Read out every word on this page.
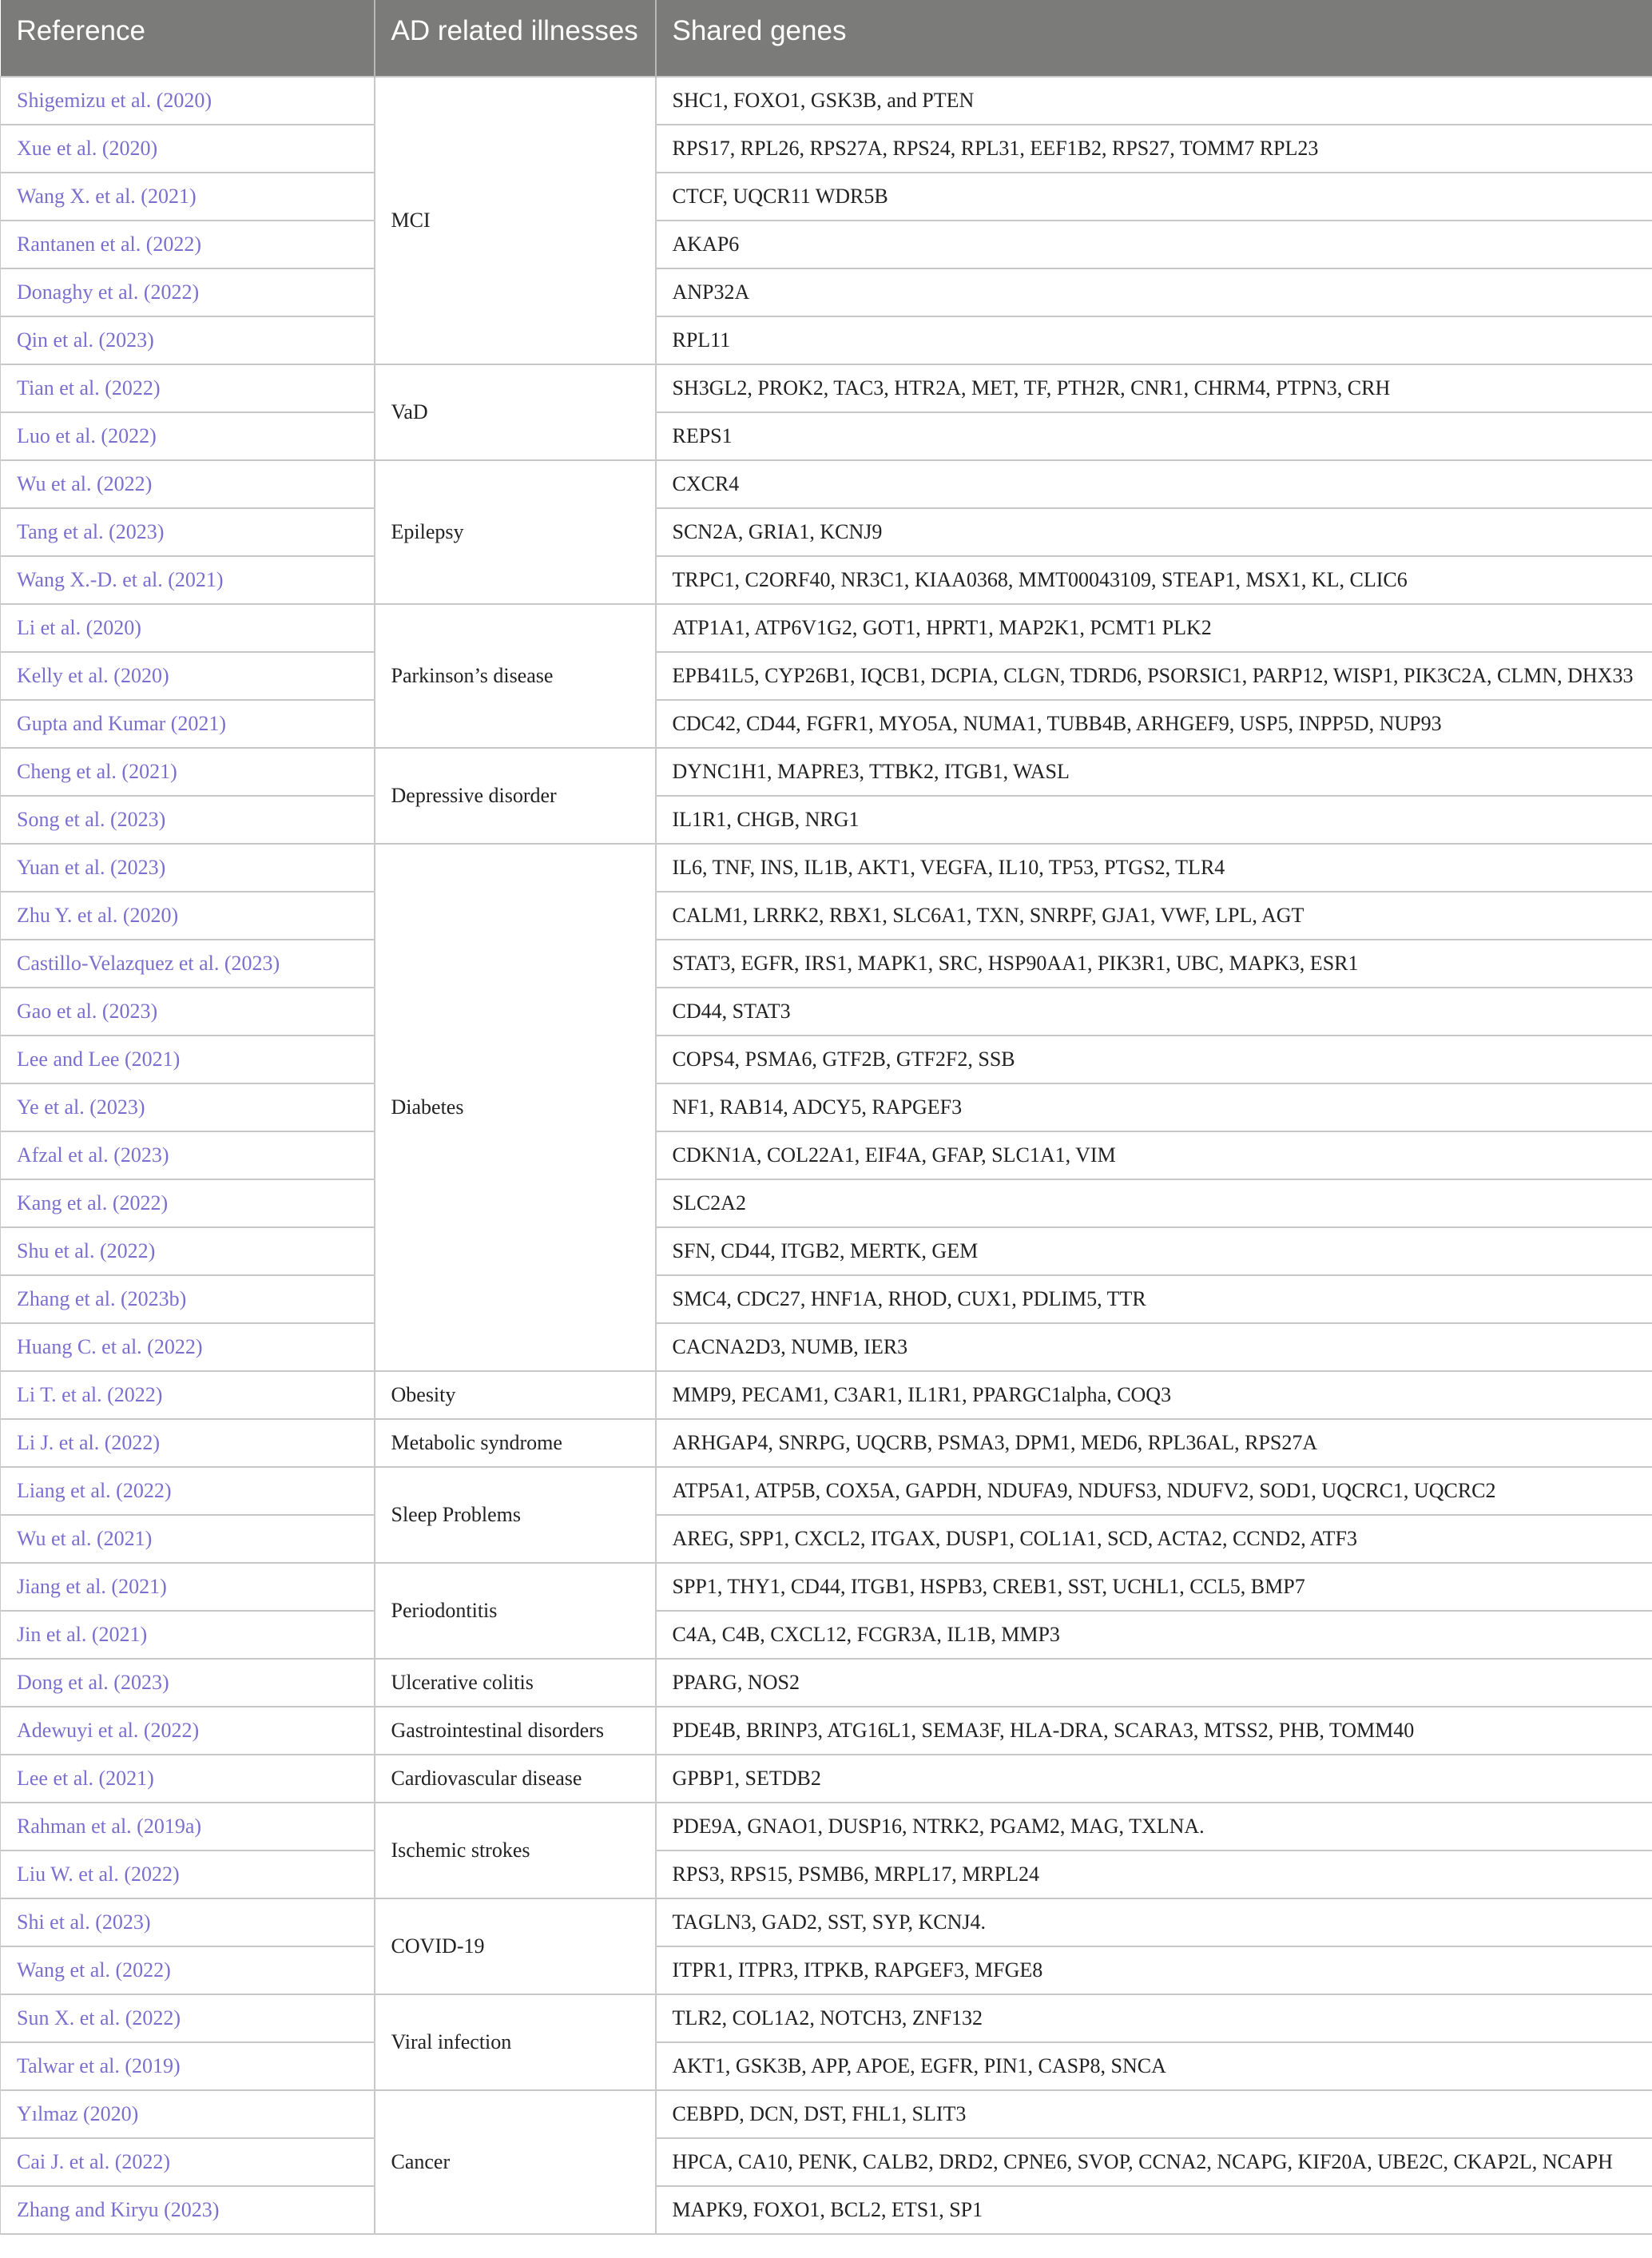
Reference	AD related illnesses	Shared genes
Shigemizu et al. (2020)	MCI	SHC1, FOXO1, GSK3B, and PTEN
Xue et al. (2020)		RPS17, RPL26, RPS27A, RPS24, RPL31, EEF1B2, RPS27, TOMM7 RPL23
Wang X. et al. (2021)		CTCF, UQCR11 WDR5B
Rantanen et al. (2022)		AKAP6
Donaghy et al. (2022)		ANP32A
Qin et al. (2023)		RPL11
Tian et al. (2022)	VaD	SH3GL2, PROK2, TAC3, HTR2A, MET, TF, PTH2R, CNR1, CHRM4, PTPN3, CRH
Luo et al. (2022)		REPS1
Wu et al. (2022)	Epilepsy	CXCR4
Tang et al. (2023)		SCN2A, GRIA1, KCNJ9
Wang X.-D. et al. (2021)		TRPC1, C2ORF40, NR3C1, KIAA0368, MMT00043109, STEAP1, MSX1, KL, CLIC6
Li et al. (2020)	Parkinson’s disease	ATP1A1, ATP6V1G2, GOT1, HPRT1, MAP2K1, PCMT1 PLK2
Kelly et al. (2020)		EPB41L5, CYP26B1, IQCB1, DCPIA, CLGN, TDRD6, PSORSIC1, PARP12, WISP1, PIK3C2A, CLMN, DHX33
Gupta and Kumar (2021)		CDC42, CD44, FGFR1, MYO5A, NUMA1, TUBB4B, ARHGEF9, USP5, INPP5D, NUP93
Cheng et al. (2021)	Depressive disorder	DYNC1H1, MAPRE3, TTBK2, ITGB1, WASL
Song et al. (2023)		IL1R1, CHGB, NRG1
Yuan et al. (2023)	Diabetes	IL6, TNF, INS, IL1B, AKT1, VEGFA, IL10, TP53, PTGS2, TLR4
Zhu Y. et al. (2020)		CALM1, LRRK2, RBX1, SLC6A1, TXN, SNRPF, GJA1, VWF, LPL, AGT
Castillo-Velazquez et al. (2023)		STAT3, EGFR, IRS1, MAPK1, SRC, HSP90AA1, PIK3R1, UBC, MAPK3, ESR1
Gao et al. (2023)		CD44, STAT3
Lee and Lee (2021)		COPS4, PSMA6, GTF2B, GTF2F2, SSB
Ye et al. (2023)		NF1, RAB14, ADCY5, RAPGEF3
Afzal et al. (2023)		CDKN1A, COL22A1, EIF4A, GFAP, SLC1A1, VIM
Kang et al. (2022)		SLC2A2
Shu et al. (2022)		SFN, CD44, ITGB2, MERTK, GEM
Zhang et al. (2023b)		SMC4, CDC27, HNF1A, RHOD, CUX1, PDLIM5, TTR
Huang C. et al. (2022)		CACNA2D3, NUMB, IER3
Li T. et al. (2022)	Obesity	MMP9, PECAM1, C3AR1, IL1R1, PPARGC1alpha, COQ3
Li J. et al. (2022)	Metabolic syndrome	ARHGAP4, SNRPG, UQCRB, PSMA3, DPM1, MED6, RPL36AL, RPS27A
Liang et al. (2022)	Sleep Problems	ATP5A1, ATP5B, COX5A, GAPDH, NDUFA9, NDUFS3, NDUFV2, SOD1, UQCRC1, UQCRC2
Wu et al. (2021)		AREG, SPP1, CXCL2, ITGAX, DUSP1, COL1A1, SCD, ACTA2, CCND2, ATF3
Jiang et al. (2021)	Periodontitis	SPP1, THY1, CD44, ITGB1, HSPB3, CREB1, SST, UCHL1, CCL5, BMP7
Jin et al. (2021)		C4A, C4B, CXCL12, FCGR3A, IL1B, MMP3
Dong et al. (2023)	Ulcerative colitis	PPARG, NOS2
Adewuyi et al. (2022)	Gastrointestinal disorders	PDE4B, BRINP3, ATG16L1, SEMA3F, HLA-DRA, SCARA3, MTSS2, PHB, TOMM40
Lee et al. (2021)	Cardiovascular disease	GPBP1, SETDB2
Rahman et al. (2019a)	Ischemic strokes	PDE9A, GNAO1, DUSP16, NTRK2, PGAM2, MAG, TXLNA.
Liu W. et al. (2022)		RPS3, RPS15, PSMB6, MRPL17, MRPL24
Shi et al. (2023)	COVID-19	TAGLN3, GAD2, SST, SYP, KCNJ4.
Wang et al. (2022)		ITPR1, ITPR3, ITPKB, RAPGEF3, MFGE8
Sun X. et al. (2022)	Viral infection	TLR2, COL1A2, NOTCH3, ZNF132
Talwar et al. (2019)		AKT1, GSK3B, APP, APOE, EGFR, PIN1, CASP8, SNCA
Yılmaz (2020)	Cancer	CEBPD, DCN, DST, FHL1, SLIT3
Cai J. et al. (2022)		HPCA, CA10, PENK, CALB2, DRD2, CPNE6, SVOP, CCNA2, NCAPG, KIF20A, UBE2C, CKAP2L, NCAPH
Zhang and Kiryu (2023)		MAPK9, FOXO1, BCL2, ETS1, SP1
